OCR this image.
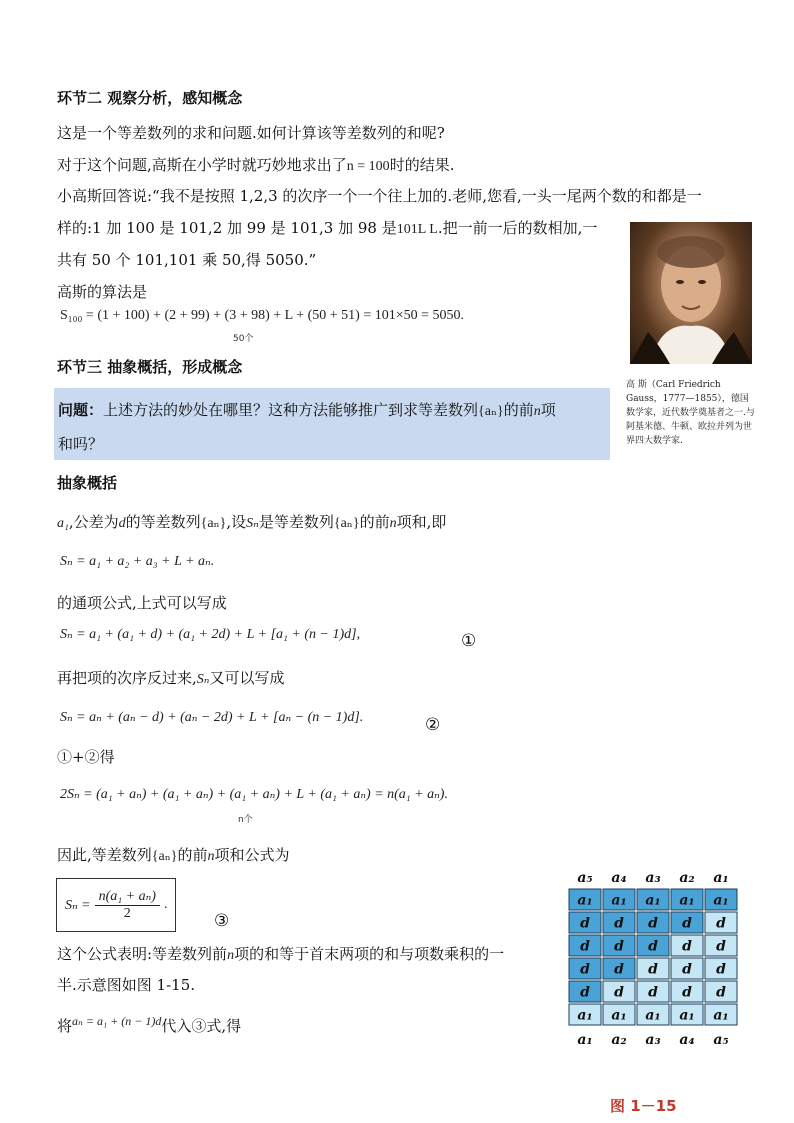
环节二 观察分析，感知概念
这是一个等差数列的求和问题.如何计算该等差数列的和呢?
对于这个问题,高斯在小学时就巧妙地求出了n = 100时的结果.
小高斯回答说:“我不是按照 1,2,3 的次序一个一个往上加的.老师,您看,一头一尾两个数的和都是一
样的:1 加 100 是 101,2 加 99 是 101,3 加 98 是101L L.把一前一后的数相加,一
共有 50 个 101,101 乘 50,得 5050.”
高斯的算法是
S₁₀₀ = (1 + 100) + (2 + 99) + (3 + 98) + L + (50 + 51) = 101×50 = 5050.
50个
高 斯（Carl Friedrich Gauss，1777—1855），德国数学家，近代数学奠基者之一.与阿基米德、牛顿、欧拉并列为世界四大数学家.
环节三 抽象概括，形成概念
问题：上述方法的妙处在哪里？这种方法能够推广到求等差数列{aₙ}的前n项
和吗？
抽象概括
a₁,公差为d的等差数列{aₙ},设Sₙ是等差数列{aₙ}的前n项和,即
Sₙ = a₁ + a₂ + a₃ + L + aₙ.
的通项公式,上式可以写成
Sₙ = a₁ + (a₁ + d) + (a₁ + 2d) + L + [a₁ + (n − 1)d],	①
再把项的次序反过来,Sₙ又可以写成
Sₙ = aₙ + (aₙ − d) + (aₙ − 2d) + L + [aₙ − (n − 1)d].	②
①+②得
2Sₙ = (a₁ + aₙ) + (a₁ + aₙ) + (a₁ + aₙ) + L + (a₁ + aₙ) = n(a₁ + aₙ).
n个
因此,等差数列{aₙ}的前n项和公式为
$S_n = \frac{\text{n(a₁ + aₙ)}}{2}$ .
③
这个公式表明:等差数列前n项的和等于首末两项的和与项数乘积的一
半.示意图如图 1-15.
将$^{a_n = a_1 + (n - 1)d}$代入③式,得
a₅ a₄ a₃ a₂ a₁
a₁
d
d
d
d
a₁
a₁
d
d
d
d
a₁
a₁
d
d
d
d
a₁
a₁
d
d
d
d
a₁
a₁
d
d
d
d
a₁
a₁ a₂ a₃ a₄ a₅
图 1－15
